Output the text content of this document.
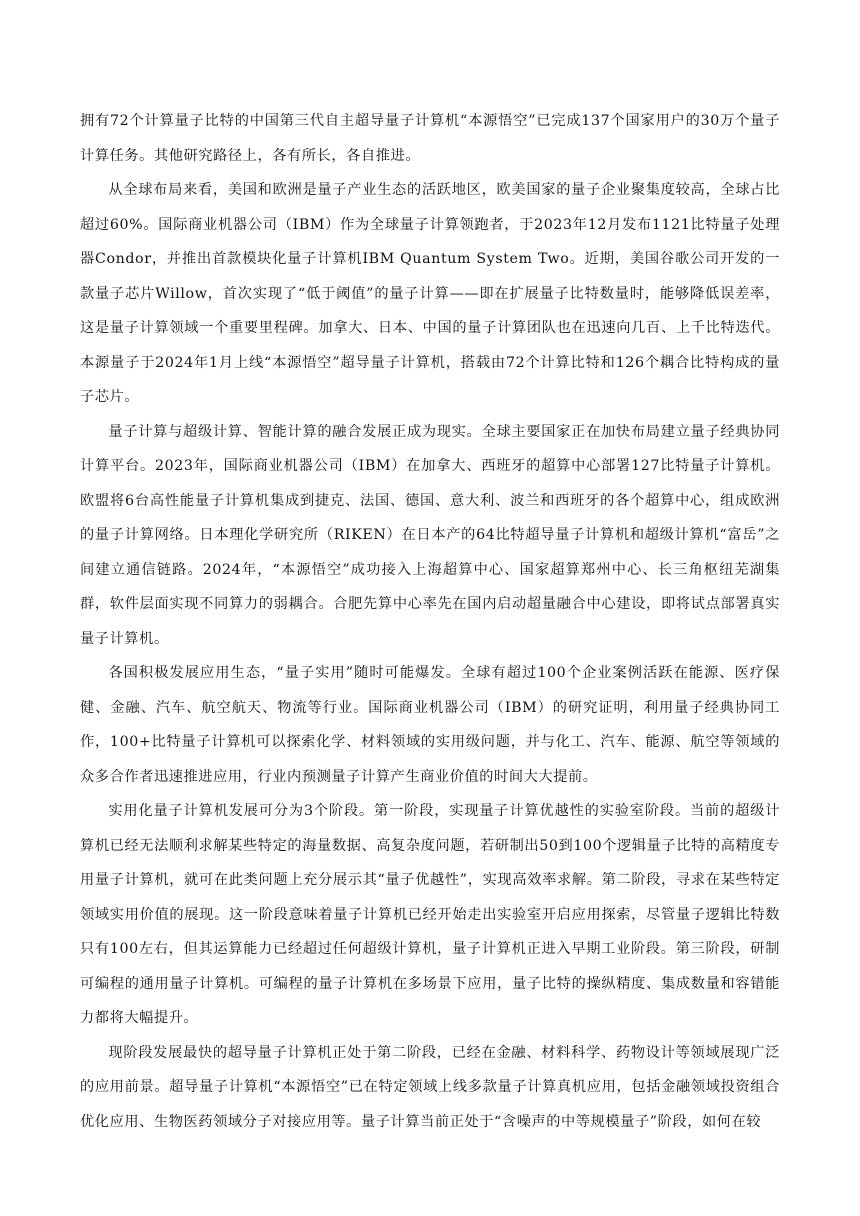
拥有72个计算量子比特的中国第三代自主超导量子计算机“本源悟空”已完成137个国家用户的30万个量子计算任务。其他研究路径上，各有所长，各自推进。

从全球布局来看，美国和欧洲是量子产业生态的活跃地区，欧美国家的量子企业聚集度较高，全球占比超过60%。国际商业机器公司（IBM）作为全球量子计算领跑者，于2023年12月发布1121比特量子处理器Condor，并推出首款模块化量子计算机IBM Quantum System Two。近期，美国谷歌公司开发的一款量子芯片Willow，首次实现了“低于阈值”的量子计算——即在扩展量子比特数量时，能够降低误差率，这是量子计算领域一个重要里程碑。加拿大、日本、中国的量子计算团队也在迅速向几百、上千比特迭代。本源量子于2024年1月上线“本源悟空”超导量子计算机，搭载由72个计算比特和126个耦合比特构成的量子芯片。

量子计算与超级计算、智能计算的融合发展正成为现实。全球主要国家正在加快布局建立量子经典协同计算平台。2023年，国际商业机器公司（IBM）在加拿大、西班牙的超算中心部署127比特量子计算机。欧盟将6台高性能量子计算机集成到捷克、法国、德国、意大利、波兰和西班牙的各个超算中心，组成欧洲的量子计算网络。日本理化学研究所（RIKEN）在日本产的64比特超导量子计算机和超级计算机“富岳”之间建立通信链路。2024年，“本源悟空”成功接入上海超算中心、国家超算郑州中心、长三角枢纽芜湖集群，软件层面实现不同算力的弱耦合。合肥先算中心率先在国内启动超量融合中心建设，即将试点部署真实量子计算机。

各国积极发展应用生态，“量子实用”随时可能爆发。全球有超过100个企业案例活跃在能源、医疗保健、金融、汽车、航空航天、物流等行业。国际商业机器公司（IBM）的研究证明，利用量子经典协同工作，100+比特量子计算机可以探索化学、材料领域的实用级问题，并与化工、汽车、能源、航空等领域的众多合作者迅速推进应用，行业内预测量子计算产生商业价值的时间大大提前。

实用化量子计算机发展可分为3个阶段。第一阶段，实现量子计算优越性的实验室阶段。当前的超级计算机已经无法顺利求解某些特定的海量数据、高复杂度问题，若研制出50到100个逻辑量子比特的高精度专用量子计算机，就可在此类问题上充分展示其“量子优越性”，实现高效率求解。第二阶段，寻求在某些特定领域实用价值的展现。这一阶段意味着量子计算机已经开始走出实验室开启应用探索，尽管量子逻辑比特数只有100左右，但其运算能力已经超过任何超级计算机，量子计算机正进入早期工业阶段。第三阶段，研制可编程的通用量子计算机。可编程的量子计算机在多场景下应用，量子比特的操纵精度、集成数量和容错能力都将大幅提升。

现阶段发展最快的超导量子计算机正处于第二阶段，已经在金融、材料科学、药物设计等领域展现广泛的应用前景。超导量子计算机“本源悟空”已在特定领域上线多款量子计算真机应用，包括金融领域投资组合优化应用、生物医药领域分子对接应用等。量子计算当前正处于“含噪声的中等规模量子”阶段，如何在较
